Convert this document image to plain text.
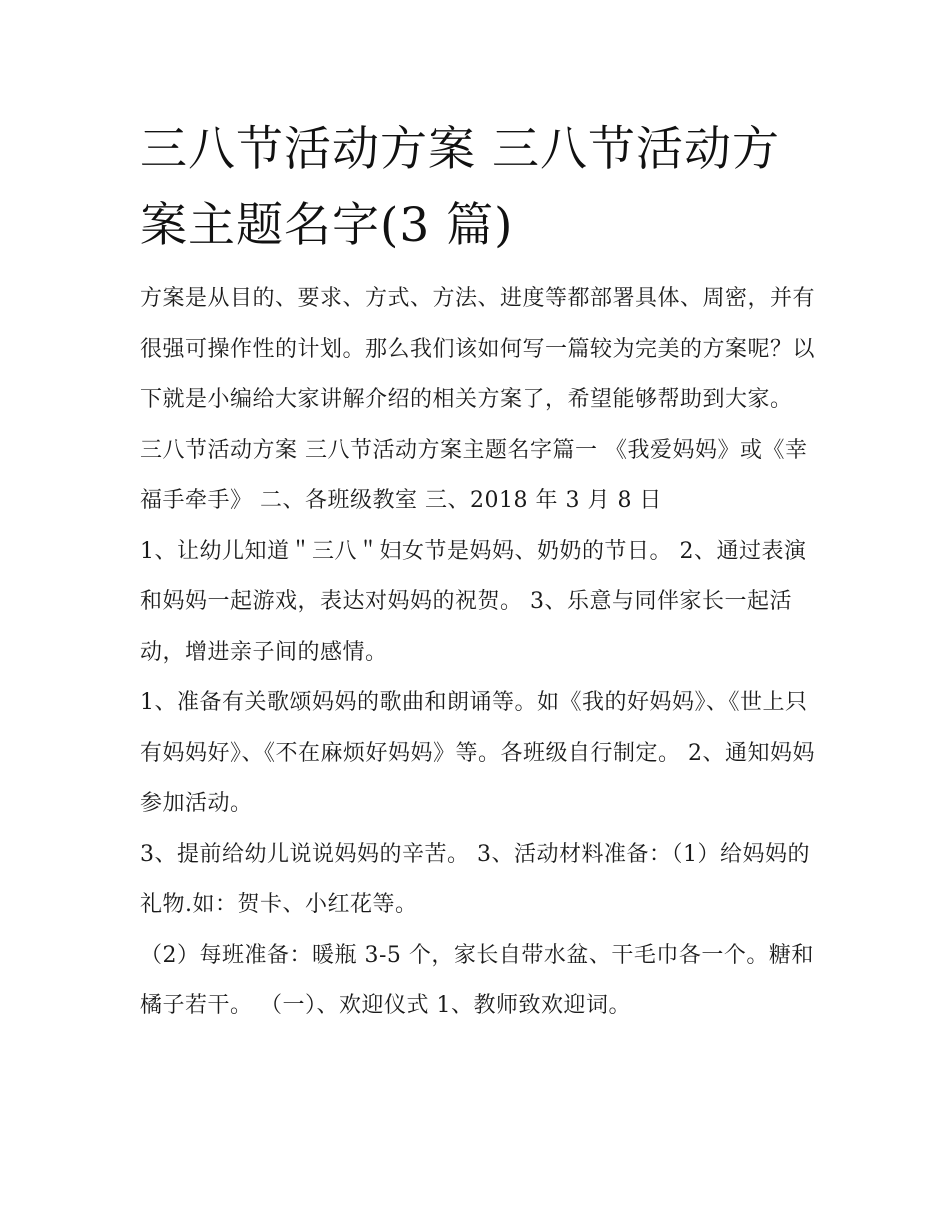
三八节活动方案 三八节活动方案主题名字(3 篇)

方案是从目的、要求、方式、方法、进度等都部署具体、周密，并有很强可操作性的计划。那么我们该如何写一篇较为完美的方案呢？以下就是小编给大家讲解介绍的相关方案了，希望能够帮助到大家。

三八节活动方案 三八节活动方案主题名字篇一 《我爱妈妈》或《幸福手牵手》 二、各班级教室 三、2018 年 3 月 8 日

1、让幼儿知道＂三八＂妇女节是妈妈、奶奶的节日。 2、通过表演和妈妈一起游戏，表达对妈妈的祝贺。 3、乐意与同伴家长一起活动，增进亲子间的感情。

1、准备有关歌颂妈妈的歌曲和朗诵等。如《我的好妈妈》、《世上只有妈妈好》、《不在麻烦好妈妈》等。各班级自行制定。 2、通知妈妈参加活动。

3、提前给幼儿说说妈妈的辛苦。 3、活动材料准备：（1）给妈妈的礼物.如：贺卡、小红花等。

（2）每班准备：暖瓶 3-5 个，家长自带水盆、干毛巾各一个。糖和橘子若干。 （一）、欢迎仪式 1、教师致欢迎词。
